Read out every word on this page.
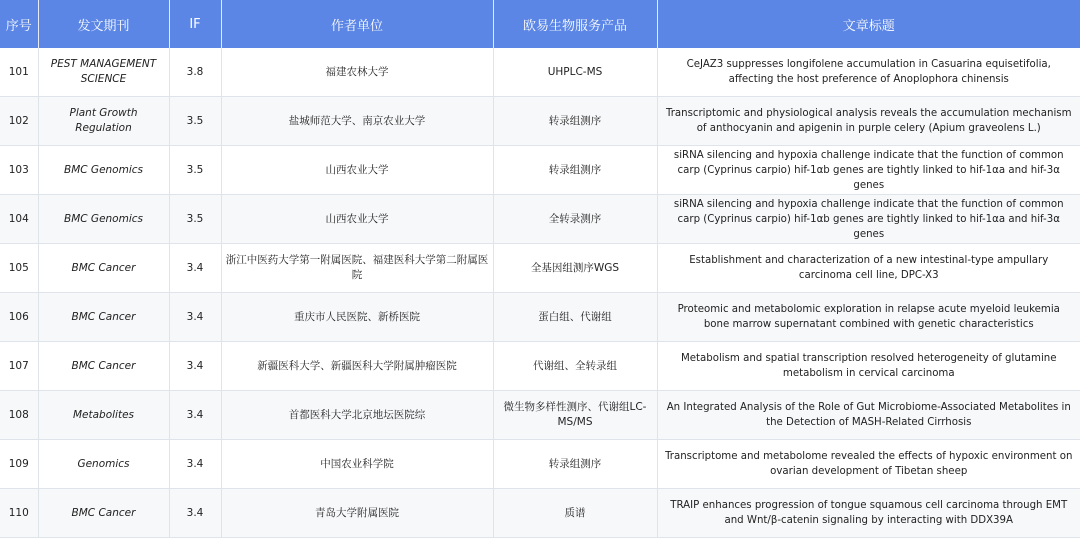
序号	发文期刊	IF	作者单位	欧易生物服务产品	文章标题
101	PEST MANAGEMENT SCIENCE	3.8	福建农林大学	UHPLC-MS	CeJAZ3 suppresses longifolene accumulation in Casuarina equisetifolia, affecting the host preference of Anoplophora chinensis
102	Plant Growth Regulation	3.5	盐城师范大学、南京农业大学	转录组测序	Transcriptomic and physiological analysis reveals the accumulation mechanism of anthocyanin and apigenin in purple celery (Apium graveolens L.)
103	BMC Genomics	3.5	山西农业大学	转录组测序	siRNA silencing and hypoxia challenge indicate that the function of common carp (Cyprinus carpio) hif-1αb genes are tightly linked to hif-1αa and hif-3α genes
104	BMC Genomics	3.5	山西农业大学	全转录测序	siRNA silencing and hypoxia challenge indicate that the function of common carp (Cyprinus carpio) hif-1αb genes are tightly linked to hif-1αa and hif-3α genes
105	BMC Cancer	3.4	浙江中医药大学第一附属医院、福建医科大学第二附属医院	全基因组测序WGS	Establishment and characterization of a new intestinal-type ampullary carcinoma cell line, DPC-X3
106	BMC Cancer	3.4	重庆市人民医院、新桥医院	蛋白组、代谢组	Proteomic and metabolomic exploration in relapse acute myeloid leukemia bone marrow supernatant combined with genetic characteristics
107	BMC Cancer	3.4	新疆医科大学、新疆医科大学附属肿瘤医院	代谢组、全转录组	Metabolism and spatial transcription resolved heterogeneity of glutamine metabolism in cervical carcinoma
108	Metabolites	3.4	首都医科大学北京地坛医院综	微生物多样性测序、代谢组LC-MS/MS	An Integrated Analysis of the Role of Gut Microbiome-Associated Metabolites in the Detection of MASH-Related Cirrhosis
109	Genomics	3.4	中国农业科学院	转录组测序	Transcriptome and metabolome revealed the effects of hypoxic environment on ovarian development of Tibetan sheep
110	BMC Cancer	3.4	青岛大学附属医院	质谱	TRAIP enhances progression of tongue squamous cell carcinoma through EMT and Wnt/β-catenin signaling by interacting with DDX39A
